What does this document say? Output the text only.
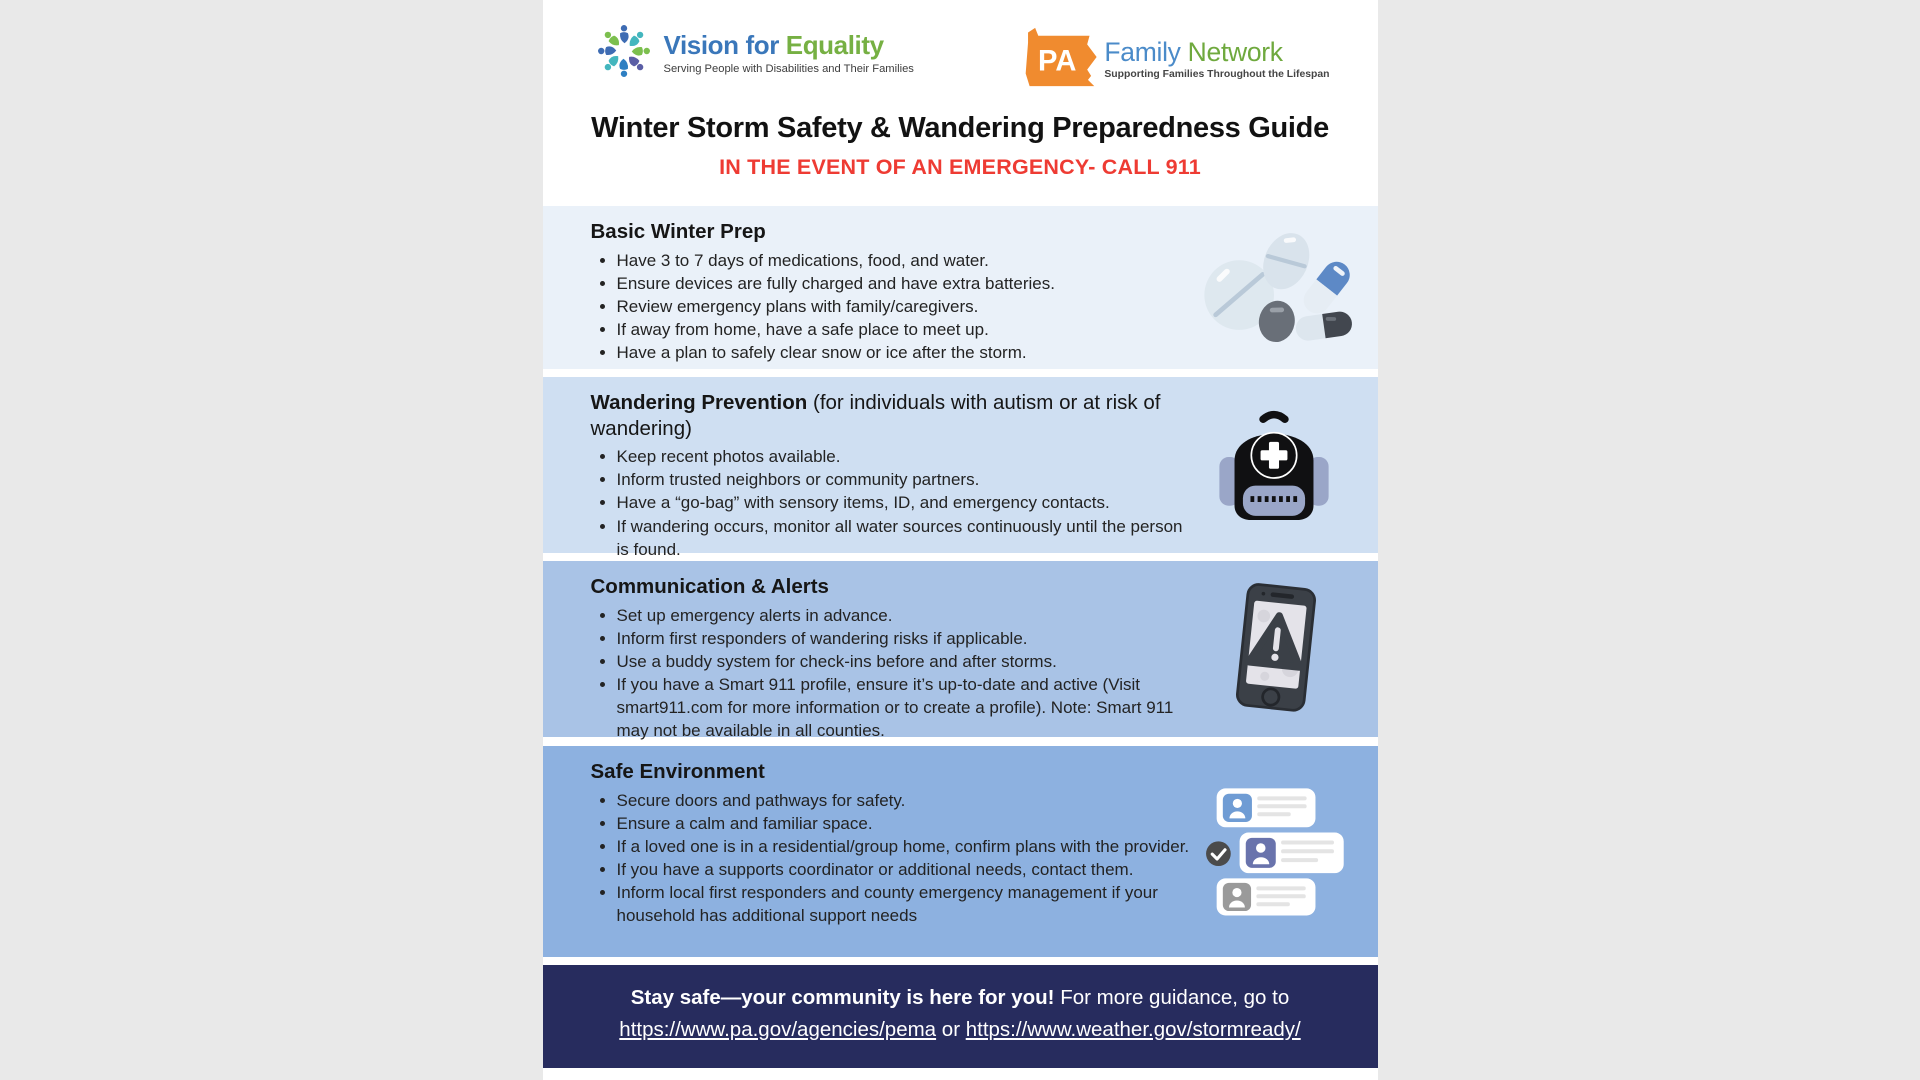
Vision for Equality
Serving People with Disabilities and Their Families	PA Family Network
Supporting Families Throughout the Lifespan
Winter Storm Safety & Wandering Preparedness Guide
IN THE EVENT OF AN EMERGENCY- CALL 911
Basic Winter Prep
• Have 3 to 7 days of medications, food, and water.
• Ensure devices are fully charged and have extra batteries.
• Review emergency plans with family/caregivers.
• If away from home, have a safe place to meet up.
• Have a plan to safely clear snow or ice after the storm.
Wandering Prevention (for individuals with autism or at risk of wandering)
• Keep recent photos available.
• Inform trusted neighbors or community partners.
• Have a “go-bag” with sensory items, ID, and emergency contacts.
• If wandering occurs, monitor all water sources continuously until the person is found.
Communication & Alerts
• Set up emergency alerts in advance.
• Inform first responders of wandering risks if applicable.
• Use a buddy system for check-ins before and after storms.
• If you have a Smart 911 profile, ensure it’s up-to-date and active (Visit smart911.com for more information or to create a profile). Note: Smart 911 may not be available in all counties.
Safe Environment
• Secure doors and pathways for safety.
• Ensure a calm and familiar space.
• If a loved one is in a residential/group home, confirm plans with the provider.
• If you have a supports coordinator or additional needs, contact them.
• Inform local first responders and county emergency management if your household has additional support needs
Stay safe—your community is here for you! For more guidance, go to
https://www.pa.gov/agencies/pema or https://www.weather.gov/stormready/
